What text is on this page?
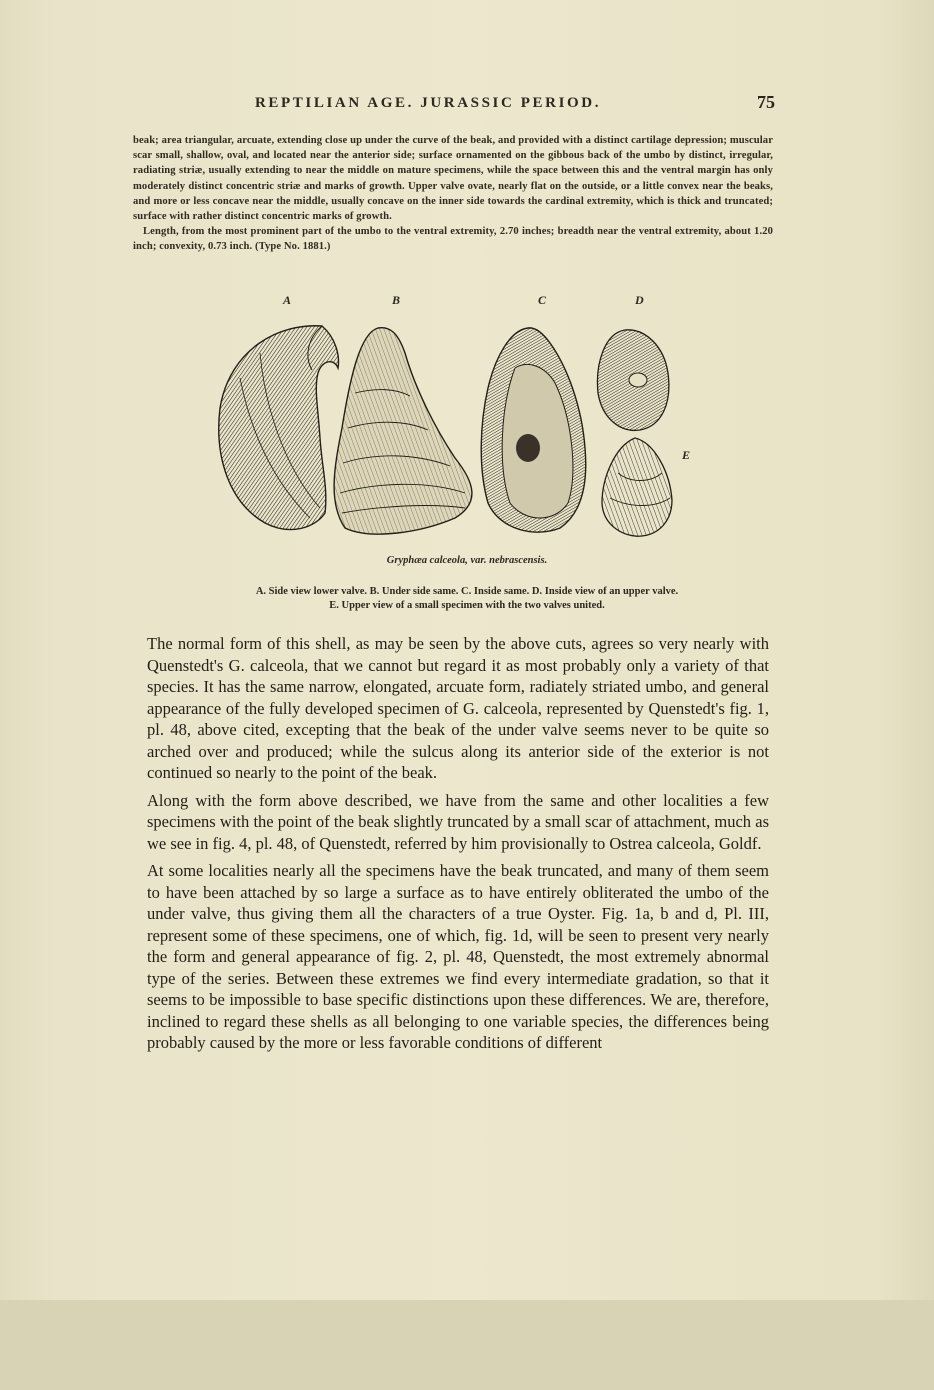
REPTILIAN AGE. JURASSIC PERIOD.	75

beak; area triangular, arcuate, extending close up under the curve of the beak, and provided with a distinct cartilage depression; muscular scar small, shallow, oval, and located near the anterior side; surface ornamented on the gibbous back of the umbo by distinct, irregular, radiating striæ, usually extending to near the middle on mature specimens, while the space between this and the ventral margin has only moderately distinct concentric striæ and marks of growth. Upper valve ovate, nearly flat on the outside, or a little convex near the beaks, and more or less concave near the middle, usually concave on the inner side towards the cardinal extremity, which is thick and truncated; surface with rather distinct concentric marks of growth.

Length, from the most prominent part of the umbo to the ventral extremity, 2.70 inches; breadth near the ventral extremity, about 1.20 inch; convexity, 0.73 inch. (Type No. 1881.)

A	B	C	D
E
Gryphæa calceola, var. nebrascensis.
A. Side view lower valve. B. Under side same. C. Inside same. D. Inside view of an upper valve.
E. Upper view of a small specimen with the two valves united.

The normal form of this shell, as may be seen by the above cuts, agrees so very nearly with Quenstedt's G. calceola, that we cannot but regard it as most probably only a variety of that species. It has the same narrow, elongated, arcuate form, radiately striated umbo, and general appearance of the fully developed specimen of G. calceola, represented by Quenstedt's fig. 1, pl. 48, above cited, excepting that the beak of the under valve seems never to be quite so arched over and produced; while the sulcus along its anterior side of the exterior is not continued so nearly to the point of the beak.

Along with the form above described, we have from the same and other localities a few specimens with the point of the beak slightly truncated by a small scar of attachment, much as we see in fig. 4, pl. 48, of Quenstedt, referred by him provisionally to Ostrea calceola, Goldf.

At some localities nearly all the specimens have the beak truncated, and many of them seem to have been attached by so large a surface as to have entirely obliterated the umbo of the under valve, thus giving them all the characters of a true Oyster. Fig. 1a, b and d, Pl. III, represent some of these specimens, one of which, fig. 1d, will be seen to present very nearly the form and general appearance of fig. 2, pl. 48, Quenstedt, the most extremely abnormal type of the series. Between these extremes we find every intermediate gradation, so that it seems to be impossible to base specific distinctions upon these differences. We are, therefore, inclined to regard these shells as all belonging to one variable species, the differences being probably caused by the more or less favorable conditions of different
